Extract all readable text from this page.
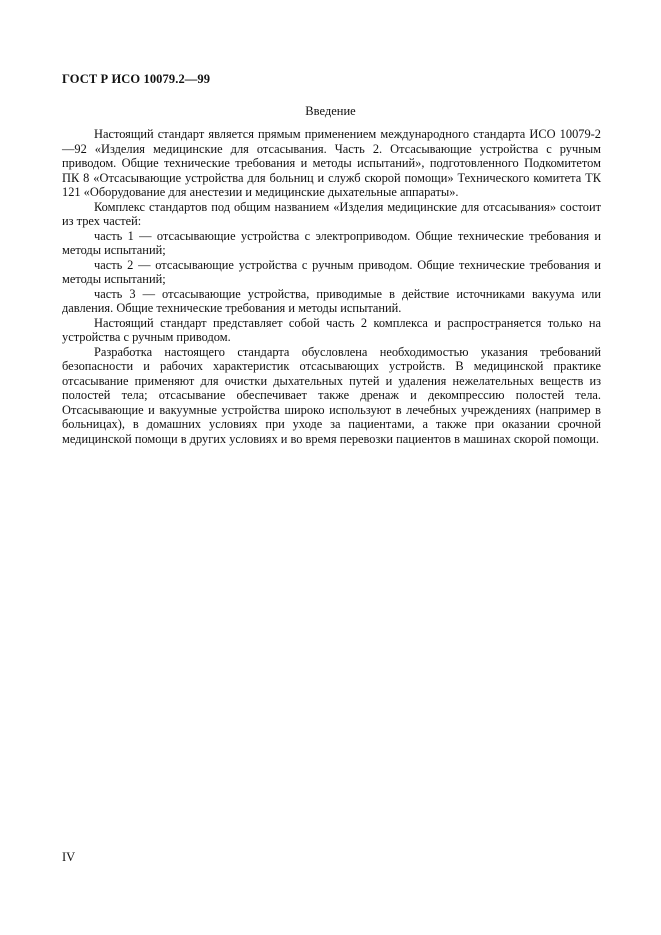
ГОСТ Р ИСО 10079.2—99
Введение

Настоящий стандарт является прямым применением международного стандарта ИСО 10079-2—92 «Изделия медицинские для отсасывания. Часть 2. Отсасывающие устройства с ручным приводом. Общие технические требования и методы испытаний», подготовленного Подкомитетом ПК 8 «Отсасывающие устройства для больниц и служб скорой помощи» Технического комитета ТК 121 «Оборудование для анестезии и медицинские дыхательные аппараты».

Комплекс стандартов под общим названием «Изделия медицинские для отсасывания» состоит из трех частей:

часть 1 — отсасывающие устройства с электроприводом. Общие технические требования и методы испытаний;

часть 2 — отсасывающие устройства с ручным приводом. Общие технические требования и методы испытаний;

часть 3 — отсасывающие устройства, приводимые в действие источниками вакуума или давления. Общие технические требования и методы испытаний.

Настоящий стандарт представляет собой часть 2 комплекса и распространяется только на устройства с ручным приводом.

Разработка настоящего стандарта обусловлена необходимостью указания требований безопасности и рабочих характеристик отсасывающих устройств. В медицинской практике отсасывание применяют для очистки дыхательных путей и удаления нежелательных веществ из полостей тела; отсасывание обеспечивает также дренаж и декомпрессию полостей тела. Отсасывающие и вакуумные устройства широко используют в лечебных учреждениях (например в больницах), в домашних условиях при уходе за пациентами, а также при оказании срочной медицинской помощи в других условиях и во время перевозки пациентов в машинах скорой помощи.

IV
